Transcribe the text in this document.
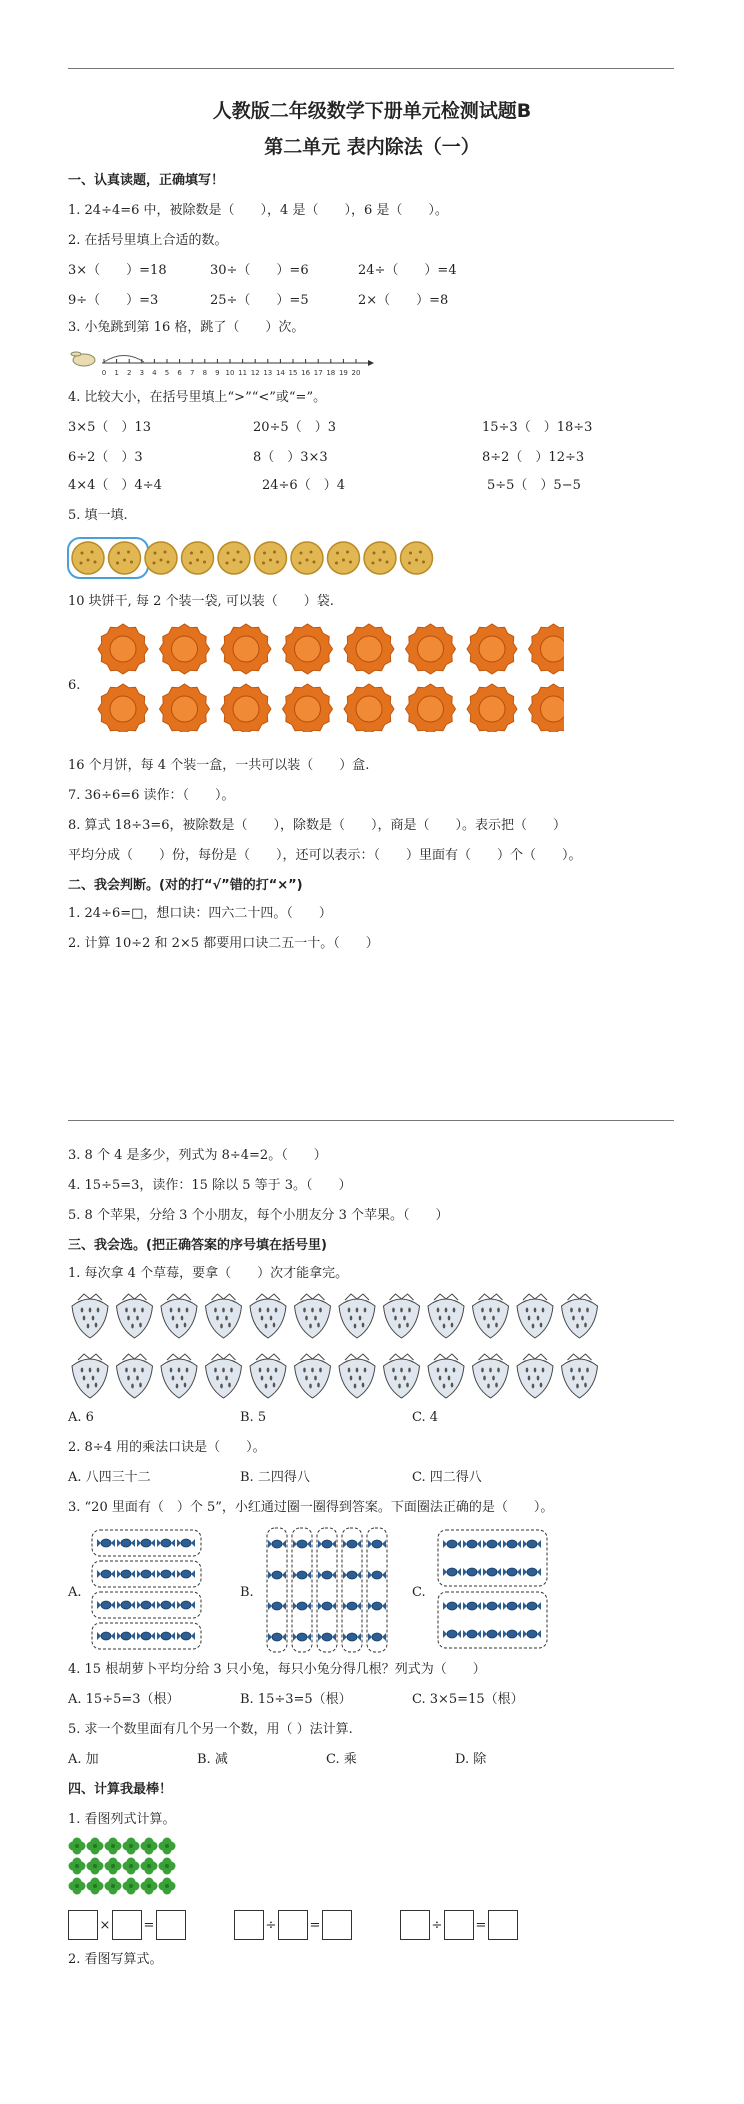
人教版二年级数学下册单元检测试题B
第二单元 表内除法（一）
一、认真读题，正确填写！
1. 24÷4=6 中，被除数是（　　），4 是（　　），6 是（　　）。
2. 在括号里填上合适的数。
3×（　　）=18	30÷（　　）=6	24÷（　　）=4
9÷（　　）=3	25÷（　　）=5	2×（　　）=8
3. 小兔跳到第 16 格，跳了（　　）次。
0 1 2 3 4 5 6 7 8 9 10 11 12 13 14 15 16 17 18 19 20
4. 比较大小，在括号里填上“>”“<”或“=”。
3×5（　）13	20÷5（　）3	15÷3（　）18÷3
6÷2（　）3	8（　）3×3	8÷2（　）12÷3
4×4（　）4÷4	24÷6（　）4	5÷5（　）5−5
5. 填一填.
10 块饼干, 每 2 个装一袋, 可以装（　　）袋.
6.
16 个月饼，每 4 个装一盒，一共可以装（　　）盒.
7. 36÷6=6 读作：（　　）。
8. 算式 18÷3=6，被除数是（　　），除数是（　　），商是（　　）。表示把（　　）
平均分成（　　）份，每份是（　　），还可以表示：（　　）里面有（　　）个（　　）。
二、我会判断。(对的打“√”错的打“×”)
1. 24÷6=□，想口诀：四六二十四。（　　）
2. 计算 10÷2 和 2×5 都要用口诀二五一十。（　　）
3. 8 个 4 是多少，列式为 8÷4=2。（　　）
4. 15÷5=3，读作：15 除以 5 等于 3。（　　）
5. 8 个苹果，分给 3 个小朋友，每个小朋友分 3 个苹果。（　　）
三、我会选。(把正确答案的序号填在括号里)
1. 每次拿 4 个草莓，要拿（　　）次才能拿完。
A. 6	B. 5	C. 4
2. 8÷4 用的乘法口诀是（　　）。
A. 八四三十二	B. 二四得八	C. 四二得八
3. “20 里面有（　）个 5”，小红通过圈一圈得到答案。下面圈法正确的是（　　）。
A.	B.	C.
4. 15 根胡萝卜平均分给 3 只小兔，每只小兔分得几根？列式为（　　）
A. 15÷5=3（根）	B. 15÷3=5（根）	C. 3×5=15（根）
5. 求一个数里面有几个另一个数，用（ ）法计算.
A. 加	B. 减	C. 乘	D. 除
四、计算我最棒！
1. 看图列式计算。
×	=	÷	=	÷	=
2. 看图写算式。
